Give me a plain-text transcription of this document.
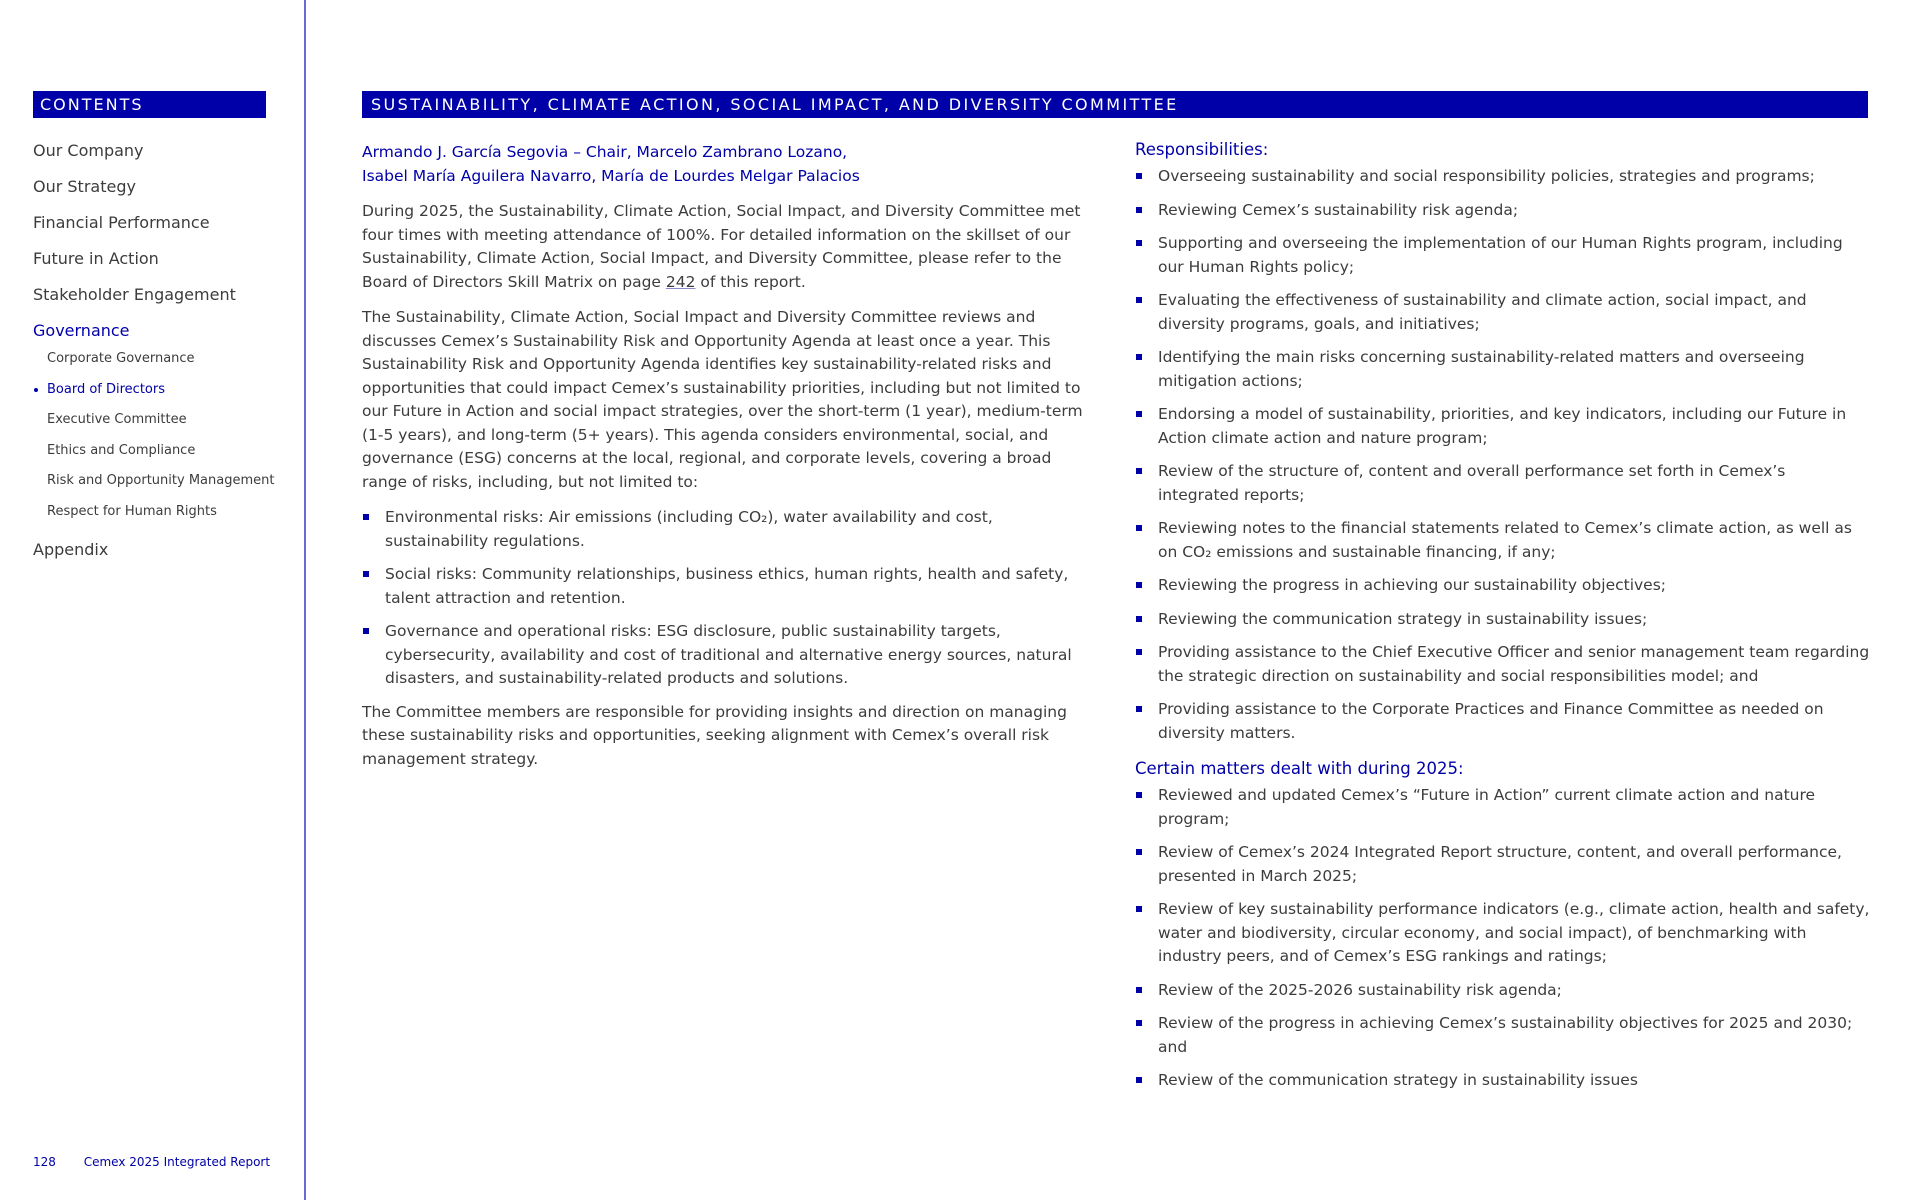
CONTENTS
Our Company
Our Strategy
Financial Performance
Future in Action
Stakeholder Engagement
Governance
Corporate Governance
Board of Directors
Executive Committee
Ethics and Compliance
Risk and Opportunity Management
Respect for Human Rights
Appendix
128 Cemex 2025 Integrated Report
SUSTAINABILITY, CLIMATE ACTION, SOCIAL IMPACT, AND DIVERSITY COMMITTEE
Armando J. García Segovia – Chair, Marcelo Zambrano Lozano,
Isabel María Aguilera Navarro, María de Lourdes Melgar Palacios

During 2025, the Sustainability, Climate Action, Social Impact, and Diversity Committee met four times with meeting attendance of 100%. For detailed information on the skillset of our Sustainability, Climate Action, Social Impact, and Diversity Committee, please refer to the Board of Directors Skill Matrix on page 242 of this report.

The Sustainability, Climate Action, Social Impact and Diversity Committee reviews and discusses Cemex’s Sustainability Risk and Opportunity Agenda at least once a year. This Sustainability Risk and Opportunity Agenda identifies key sustainability-related risks and opportunities that could impact Cemex’s sustainability priorities, including but not limited to our Future in Action and social impact strategies, over the short-term (1 year), medium-term (1-5 years), and long-term (5+ years). This agenda considers environmental, social, and governance (ESG) concerns at the local, regional, and corporate levels, covering a broad range of risks, including, but not limited to:

Environmental risks: Air emissions (including CO₂), water availability and cost, sustainability regulations.
Social risks: Community relationships, business ethics, human rights, health and safety, talent attraction and retention.
Governance and operational risks: ESG disclosure, public sustainability targets, cybersecurity, availability and cost of traditional and alternative energy sources, natural disasters, and sustainability-related products and solutions.

The Committee members are responsible for providing insights and direction on managing these sustainability risks and opportunities, seeking alignment with Cemex’s overall risk management strategy.

Responsibilities:
Overseeing sustainability and social responsibility policies, strategies and programs;
Reviewing Cemex’s sustainability risk agenda;
Supporting and overseeing the implementation of our Human Rights program, including our Human Rights policy;
Evaluating the effectiveness of sustainability and climate action, social impact, and diversity programs, goals, and initiatives;
Identifying the main risks concerning sustainability-related matters and overseeing mitigation actions;
Endorsing a model of sustainability, priorities, and key indicators, including our Future in Action climate action and nature program;
Review of the structure of, content and overall performance set forth in Cemex’s integrated reports;
Reviewing notes to the financial statements related to Cemex’s climate action, as well as on CO₂ emissions and sustainable financing, if any;
Reviewing the progress in achieving our sustainability objectives;
Reviewing the communication strategy in sustainability issues;
Providing assistance to the Chief Executive Officer and senior management team regarding the strategic direction on sustainability and social responsibilities model; and
Providing assistance to the Corporate Practices and Finance Committee as needed on diversity matters.
Certain matters dealt with during 2025:
Reviewed and updated Cemex’s “Future in Action” current climate action and nature program;
Review of Cemex’s 2024 Integrated Report structure, content, and overall performance, presented in March 2025;
Review of key sustainability performance indicators (e.g., climate action, health and safety, water and biodiversity, circular economy, and social impact), of benchmarking with industry peers, and of Cemex’s ESG rankings and ratings;
Review of the 2025-2026 sustainability risk agenda;
Review of the progress in achieving Cemex’s sustainability objectives for 2025 and 2030; and
Review of the communication strategy in sustainability issues
